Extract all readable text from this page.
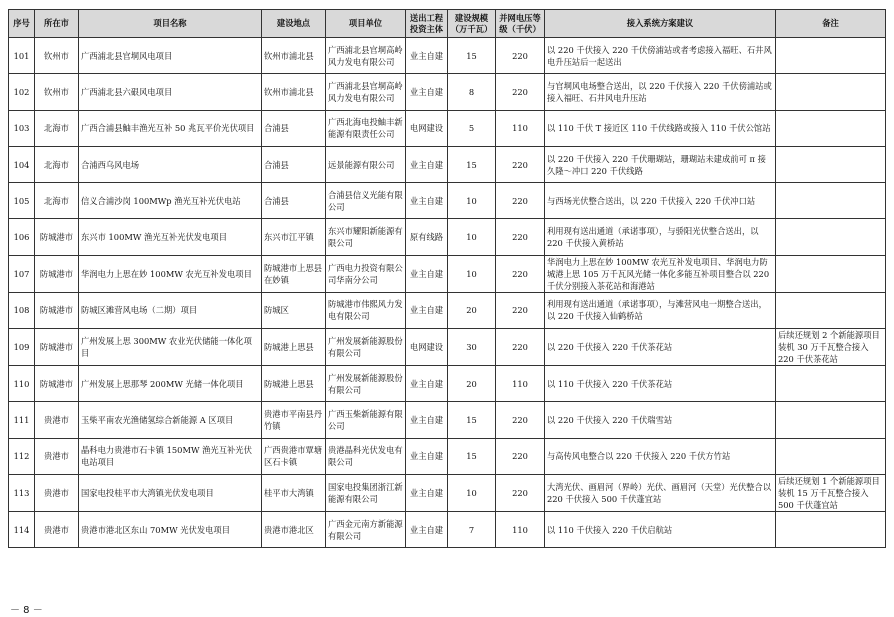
序号	所在市	项目名称	建设地点	项目单位	送出工程投资主体	建设规模（万千瓦）	并网电压等级（千伏）	接入系统方案建议	备注
101	钦州市	广西浦北县官垌风电项目	钦州市浦北县	广西浦北县官垌高岭风力发电有限公司	业主自建	15	220	以 220 千伏接入 220 千伏傍浦站或者考虑接入福旺、石井风电升压站后一起送出	
102	钦州市	广西浦北县六硍风电项目	钦州市浦北县	广西浦北县官垌高岭风力发电有限公司	业主自建	8	220	与官垌风电场整合送出，以 220 千伏接入 220 千伏傍浦站或接入福旺、石井风电升压站	
103	北海市	广西合浦县鲉丰渔光互补 50 兆瓦平价光伏项目	合浦县	广西北海电投鲉丰新能源有限责任公司	电网建设	5	110	以 110 千伏 T 接近区 110 千伏线路或接入 110 千伏公馆站	
104	北海市	合浦西乌风电场	合浦县	远景能源有限公司	业主自建	15	220	以 220 千伏接入 220 千伏珊瑚站，珊瑚站未建成前可 π 接久隆～冲口 220 千伏线路	
105	北海市	信义合浦沙岗 100MWp 渔光互补光伏电站	合浦县	合浦县信义光能有限公司	业主自建	10	220	与西场光伏整合送出，以 220 千伏接入 220 千伏冲口站	
106	防城港市	东兴市 100MW 渔光互补光伏发电项目	东兴市江平镇	东兴市耀阳新能源有限公司	原有线路	10	220	利用现有送出通道（承诺事项），与骄阳光伏整合送出，以 220 千伏接入黄桥站	
107	防城港市	华润电力上思在妙 100MW 农光互补发电项目	防城港市上思县在妙镇	广西电力投资有限公司华南分公司	业主自建	10	220	华润电力上思在妙 100MW 农光互补发电项目、华润电力防城港上思 105 万千瓦风光储一体化多能互补项目整合以 220 千伏分别接入茶花站和海港站	
108	防城港市	防城区滩营风电场（二期）项目	防城区	防城港市伟熙风力发电有限公司	业主自建	20	220	利用现有送出通道（承诺事项），与滩营风电一期整合送出，以 220 千伏接入仙鹤桥站	
109	防城港市	广州发展上思 300MW 农业光伏储能一体化项目	防城港上思县	广州发展新能源股份有限公司	电网建设	30	220	以 220 千伏接入 220 千伏茶花站	后续还规划 2 个新能源项目装机 30 万千瓦整合接入 220 千伏茶花站
110	防城港市	广州发展上思那琴 200MW 光储一体化项目	防城港上思县	广州发展新能源股份有限公司	业主自建	20	110	以 110 千伏接入 220 千伏茶花站	
111	贵港市	玉柴平南农光渔储氢综合新能源 A 区项目	贵港市平南县丹竹镇	广西玉柴新能源有限公司	业主自建	15	220	以 220 千伏接入 220 千伏瑞雪站	
112	贵港市	晶科电力贵港市石卡镇 150MW 渔光互补光伏电站项目	广西贵港市覃塘区石卡镇	贵港晶科光伏发电有限公司	业主自建	15	220	与高传风电整合以 220 千伏接入 220 千伏方竹站	
113	贵港市	国家电投桂平市大湾镇光伏发电项目	桂平市大湾镇	国家电投集团浙江新能源有限公司	业主自建	10	220	大湾光伏、画眉河（界岭）光伏、画眉河（天堂）光伏整合以 220 千伏接入 500 千伏蓬宜站	后续还规划 1 个新能源项目装机 15 万千瓦整合接入 500 千伏蓬宜站
114	贵港市	贵港市港北区东山 70MW 光伏发电项目	贵港市港北区	广西金元南方新能源有限公司	业主自建	7	110	以 110 千伏接入 220 千伏启航站	
－ 8 －
